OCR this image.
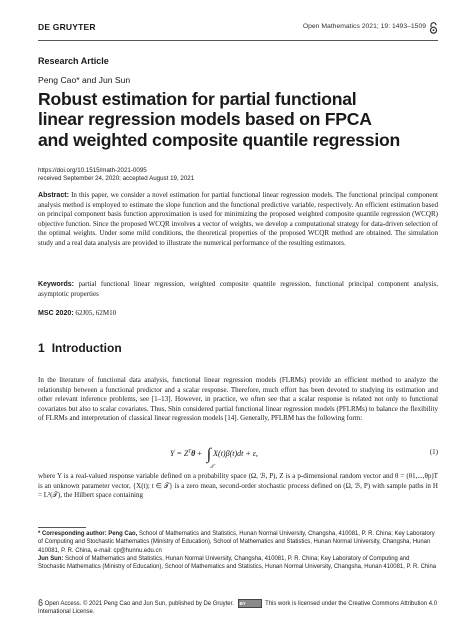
DE GRUYTER	Open Mathematics 2021; 19: 1493–1509
Research Article
Peng Cao* and Jun Sun
Robust estimation for partial functional
linear regression models based on FPCA
and weighted composite quantile regression
https://doi.org/10.1515/math-2021-0095
received September 24, 2020; accepted August 19, 2021

Abstract: In this paper, we consider a novel estimation for partial functional linear regression models. The functional principal component analysis method is employed to estimate the slope function and the functional predictive variable, respectively. An efficient estimation based on principal component basis function approximation is used for minimizing the proposed weighted composite quantile regression (WCQR) objective function. Since the proposed WCQR involves a vector of weights, we develop a computational strategy for data-driven selection of the optimal weights. Under some mild conditions, the theoretical properties of the proposed WCQR method are obtained. The simulation study and a real data analysis are provided to illustrate the numerical performance of the resulting estimators.

Keywords: partial functional linear regression, weighted composite quantile regression, functional principal component analysis, asymptotic properties

MSC 2020: 62J05, 62M10
1 Introduction

In the literature of functional data analysis, functional linear regression models (FLRMs) provide an efficient method to analyze the relationship between a functional predictor and a scalar response. Therefore, much effort has been devoted to studying its estimation and other relevant inference problems, see [1–13]. However, in practice, we often see that a scalar response is related not only to functional covariates but also to scalar covariates. Thus, Shin considered partial functional linear regression models (PFLRMs) to balance the flexibility of FLRMs and interpretation of classical linear regression models [14]. Generally, PFLRM has the following form:

$Y = Z^T\theta$ + ∫
𝒯
X(t)β(t)dt + ε,	(1)

where Y is a real-valued response variable defined on a probability space (Ω, ℬ, P), Z is a p-dimensional random vector and θ = (θ1,...,θp)T is an unknown parameter vector, {X(t); t ∈ 𝒯} is a zero mean, second-order stochastic process defined on (Ω, ℬ, P) with sample paths in H = L²(𝒯), the Hilbert space containing

* Corresponding author: Peng Cao, School of Mathematics and Statistics, Hunan Normal University, Changsha, 410081, P. R. China; Key Laboratory of Computing and Stochastic Mathematics (Ministry of Education), School of Mathematics and Statistics, Hunan Normal University, Changsha, Hunan 410081, P. R. China, e-mail: cp@hunnu.edu.cn

Jun Sun: School of Mathematics and Statistics, Hunan Normal University, Changsha, 410081, P. R. China; Key Laboratory of Computing and Stochastic Mathematics (Ministry of Education), School of Mathematics and Statistics, Hunan Normal University, Changsha, Hunan 410081, P. R. China

Open Access. © 2021 Peng Cao and Jun Sun, published by De Gruyter. BY	This work is licensed under the Creative Commons Attribution 4.0 International License.
